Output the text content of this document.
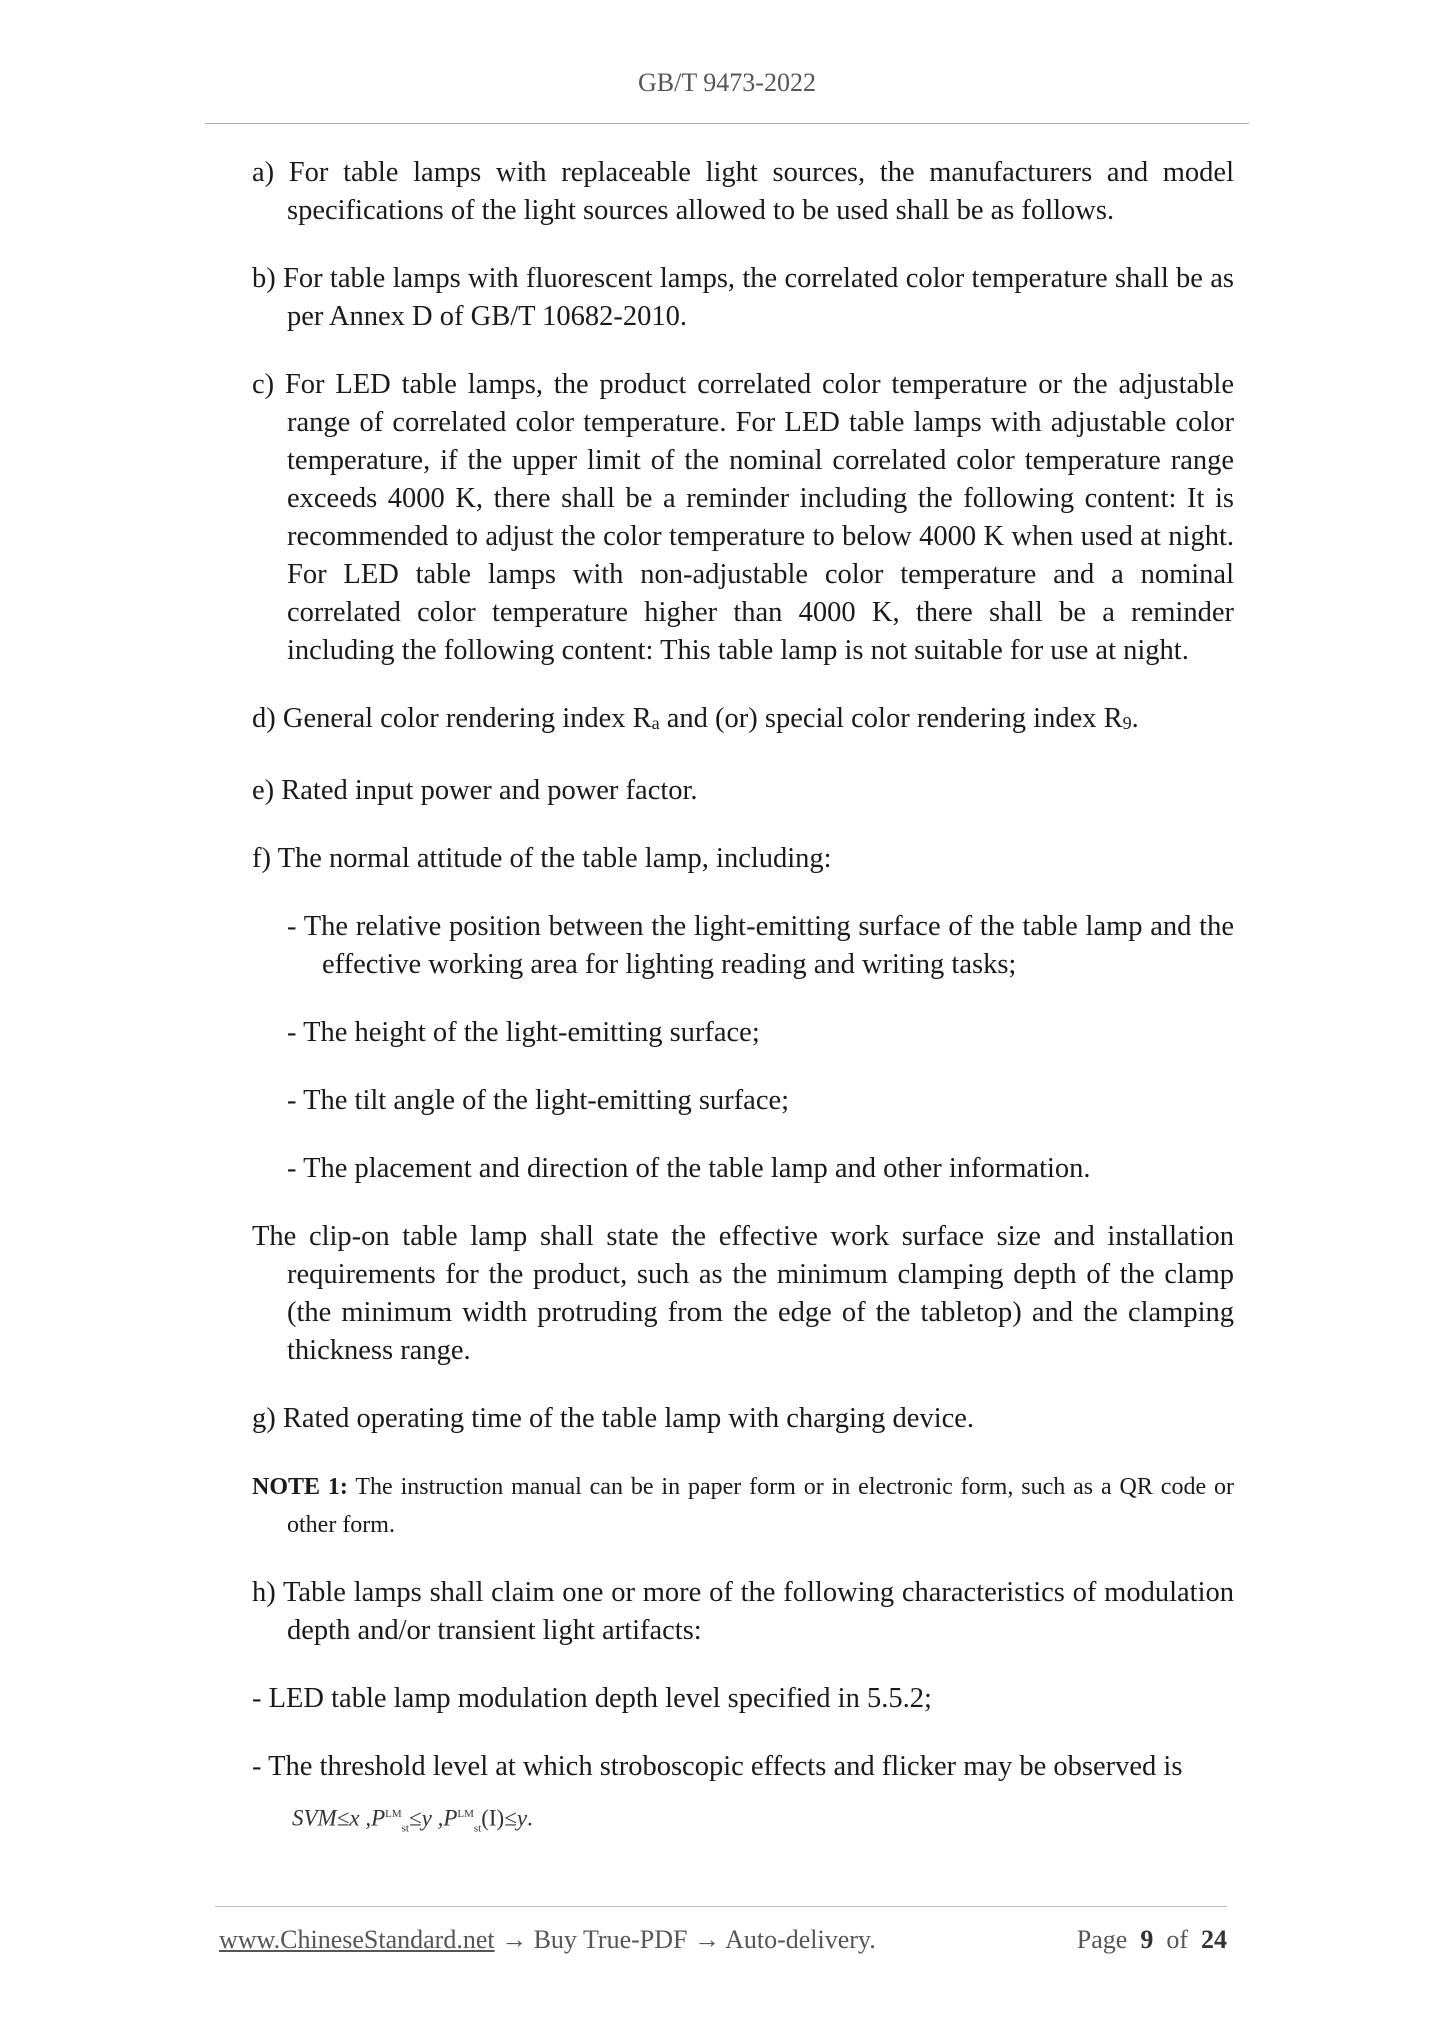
GB/T 9473-2022

a) For table lamps with replaceable light sources, the manufacturers and model specifications of the light sources allowed to be used shall be as follows.

b) For table lamps with fluorescent lamps, the correlated color temperature shall be as per Annex D of GB/T 10682-2010.

c) For LED table lamps, the product correlated color temperature or the adjustable range of correlated color temperature. For LED table lamps with adjustable color temperature, if the upper limit of the nominal correlated color temperature range exceeds 4000 K, there shall be a reminder including the following content: It is recommended to adjust the color temperature to below 4000 K when used at night. For LED table lamps with non-adjustable color temperature and a nominal correlated color temperature higher than 4000 K, there shall be a reminder including the following content: This table lamp is not suitable for use at night.

d) General color rendering index $R_a$ and (or) special color rendering index $R_9$.

e) Rated input power and power factor.

f) The normal attitude of the table lamp, including:

- The relative position between the light-emitting surface of the table lamp and the effective working area for lighting reading and writing tasks;

- The height of the light-emitting surface;

- The tilt angle of the light-emitting surface;

- The placement and direction of the table lamp and other information.

The clip-on table lamp shall state the effective work surface size and installation requirements for the product, such as the minimum clamping depth of the clamp (the minimum width protruding from the edge of the tabletop) and the clamping thickness range.

g) Rated operating time of the table lamp with charging device.

NOTE 1: The instruction manual can be in paper form or in electronic form, such as a QR code or other form.

h) Table lamps shall claim one or more of the following characteristics of modulation depth and/or transient light artifacts:

- LED table lamp modulation depth level specified in 5.5.2;

- The threshold level at which stroboscopic effects and flicker may be observed is

SVM≤x $,P^{LM}_{st}\le y$ $,P^{LM}_{st}(I)\le y$.
www.ChineseStandard.net → Buy True-PDF → Auto-delivery.	Page 9 of 24
